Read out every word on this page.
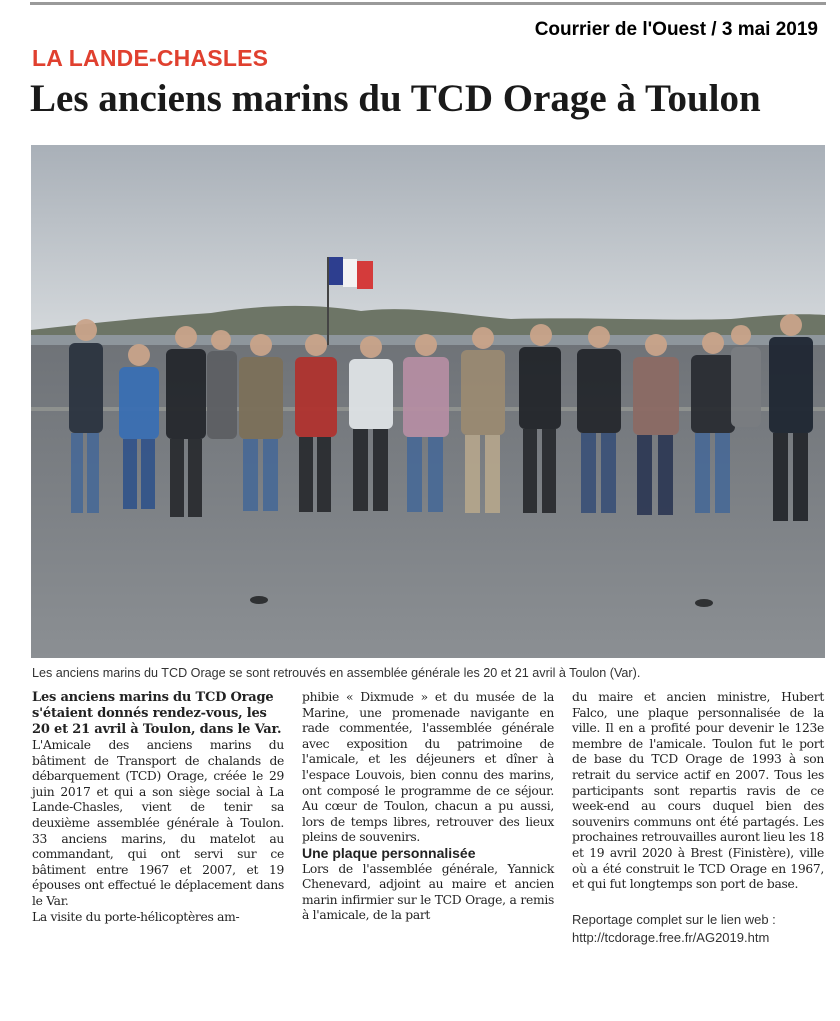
Courrier de l'Ouest / 3 mai 2019
LA LANDE-CHASLES
Les anciens marins du TCD Orage à Toulon
Les anciens marins du TCD Orage se sont retrouvés en assemblée générale les 20 et 21 avril à Toulon (Var).

Les anciens marins du TCD Orage s'étaient donnés rendez-vous, les 20 et 21 avril à Toulon, dans le Var.

L'Amicale des anciens marins du bâtiment de Transport de chalands de débarquement (TCD) Orage, créée le 29 juin 2017 et qui a son siège social à La Lande-Chasles, vient de tenir sa deuxième assemblée générale à Toulon. 33 anciens marins, du matelot au commandant, qui ont servi sur ce bâtiment entre 1967 et 2007, et 19 épouses ont effectué le déplacement dans le Var.

La visite du porte-hélicoptères am-

phibie « Dixmude » et du musée de la Marine, une promenade navigante en rade commentée, l'assemblée générale avec exposition du patrimoine de l'amicale, et les déjeuners et dîner à l'espace Louvois, bien connu des marins, ont composé le programme de ce séjour. Au cœur de Toulon, chacun a pu aussi, lors de temps libres, retrouver des lieux pleins de souvenirs.

Une plaque personnalisée

Lors de l'assemblée générale, Yannick Chenevard, adjoint au maire et ancien marin infirmier sur le TCD Orage, a remis à l'amicale, de la part

du maire et ancien ministre, Hubert Falco, une plaque personnalisée de la ville. Il en a profité pour devenir le 123e membre de l'amicale. Toulon fut le port de base du TCD Orage de 1993 à son retrait du service actif en 2007. Tous les participants sont repartis ravis de ce week-end au cours duquel bien des souvenirs communs ont été partagés. Les prochaines retrouvailles auront lieu les 18 et 19 avril 2020 à Brest (Finistère), ville où a été construit le TCD Orage en 1967, et qui fut longtemps son port de base.

Reportage complet sur le lien web :
http://tcdorage.free.fr/AG2019.htm
